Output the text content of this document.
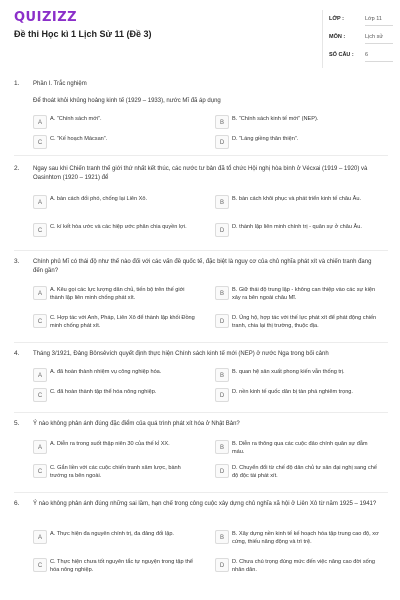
QUIZIZZ
Đề thi Học kì 1 Lịch Sử 11 (Đề 3)
LỚP :	Lớp 11
MÔN :	Lịch sử
SỐ CÂU : 6
1. Phần I. Trắc nghiệm
Để thoát khỏi khủng hoảng kinh tế (1929 – 1933), nước Mĩ đã áp dụng
A
A. “Chính sách mới”.
B
B. “Chính sách kinh tế mới” (NEP).
C
C. “Kế hoạch Mácsan”.
D
D. “Láng giềng thân thiện”.
2. Ngay sau khi Chiến tranh thế giới thứ nhất kết thúc, các nước tư bản đã tổ chức Hội nghị hòa bình ở Vécxai (1919 – 1920) và Oasinhtơn (1920 – 1921) để
A
A. bàn cách đối phó, chống lại Liên Xô.
B
B. bàn cách khôi phục và phát triển kinh tế châu Âu.
C
C. kí kết hòa ước và các hiệp ước phân chia quyền lợi.
D
D. thành lập liên minh chính trị - quân sự ở châu Âu.
3. Chính phủ Mĩ có thái độ như thế nào đối với các vấn đề quốc tế, đặc biệt là nguy cơ của chủ nghĩa phát xít và chiến tranh đang đến gần?
A
A. Kêu gọi các lực lượng dân chủ, tiến bộ trên thế giới thành lập liên minh chống phát xít.
B
B. Giữ thái độ trung lập - không can thiệp vào các sự kiện xảy ra bên ngoài châu Mĩ.
C
C. Hợp tác với Anh, Pháp, Liên Xô để thành lập khối Đồng minh chống phát xít.
D
D. Ủng hộ, hợp tác với thế lực phát xít để phát động chiến tranh, chia lại thị trường, thuộc địa.
4. Tháng 3/1921, Đảng Bônsêvích quyết định thực hiện Chính sách kinh tế mới (NEP) ở nước Nga trong bối cảnh
A
A. đã hoàn thành nhiệm vụ công nghiệp hóa.
B
B. quan hệ sản xuất phong kiến vẫn thống trị.
C
C. đã hoàn thành tập thể hóa nông nghiệp.
D
D. nền kinh tế quốc dân bị tàn phá nghiêm trọng.
5. Ý nào không phản ánh đúng đặc điểm của quá trình phát xít hóa ở Nhật Bản?
A
A. Diễn ra trong suốt thập niên 30 của thế kỉ XX.
B
B. Diễn ra thông qua các cuộc đảo chính quân sự đẫm máu.
C
C. Gắn liền với các cuộc chiến tranh xâm lược, bành trướng ra bên ngoài.
D
D. Chuyển đổi từ chế độ dân chủ tư sản đại nghị sang chế độ độc tài phát xít.
6. Ý nào không phản ánh đúng những sai lầm, hạn chế trong công cuộc xây dựng chủ nghĩa xã hội ở Liên Xô từ năm 1925 – 1941?
A
A. Thực hiện đa nguyên chính trị, đa đảng đối lập.
B
B. Xây dựng nền kinh tế kế hoạch hóa tập trung cao độ, xơ cứng, thiếu năng động và trì trệ.
C
C. Thực hiện chưa tốt nguyên tắc tự nguyện trong tập thể hóa nông nghiệp.
D
D. Chưa chú trọng đúng mức đến việc nâng cao đời sống nhân dân.
